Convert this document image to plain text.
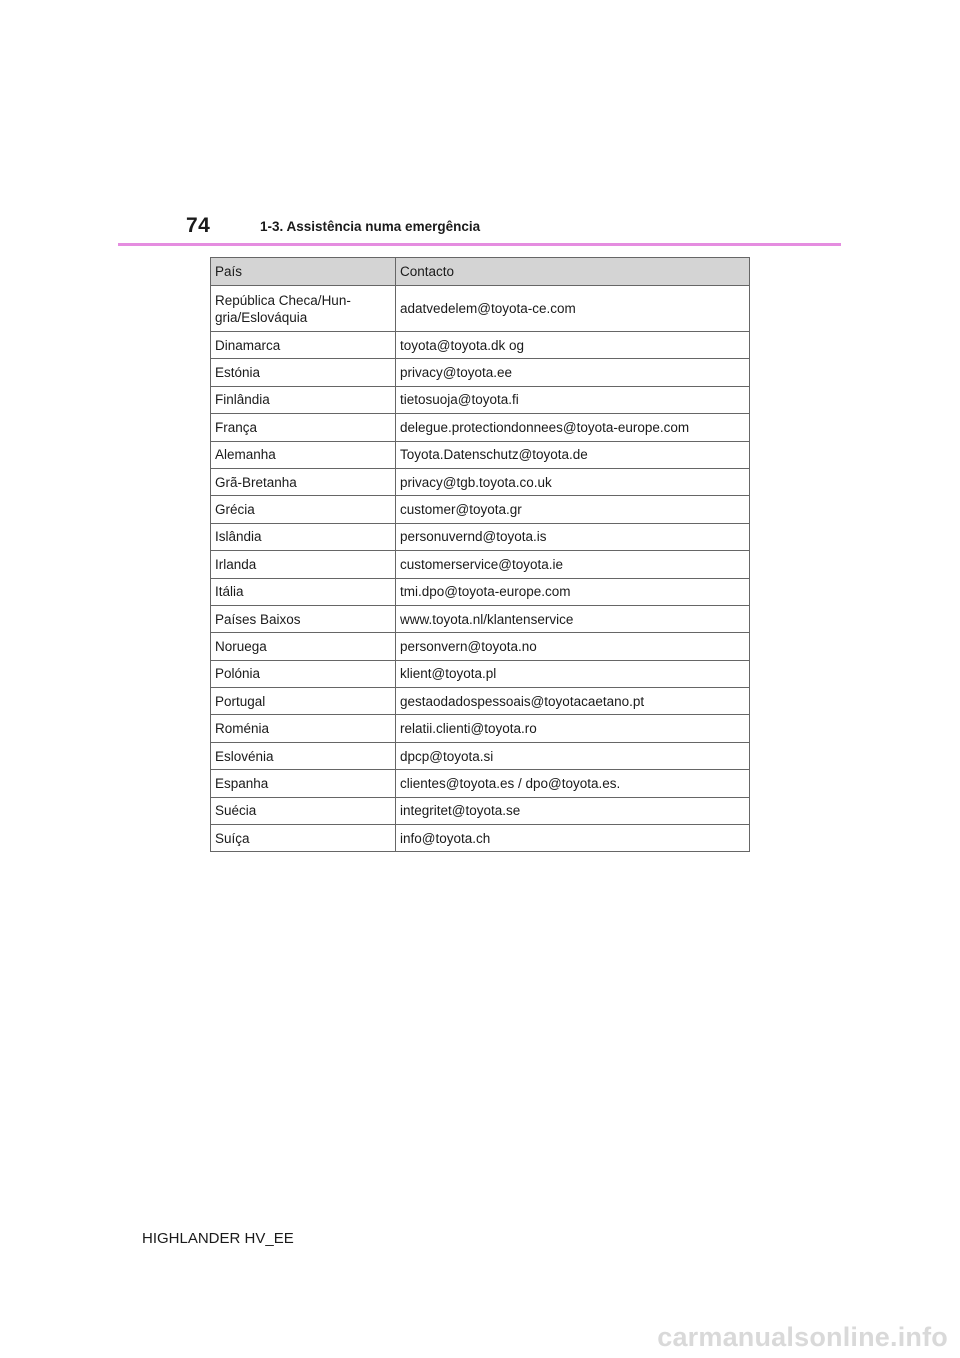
74	1-3. Assistência numa emergência
País	Contacto
República Checa/Hun-
gria/Eslováquia	adatvedelem@toyota-ce.com
Dinamarca	toyota@toyota.dk og
Estónia	privacy@toyota.ee
Finlândia	tietosuoja@toyota.fi
França	delegue.protectiondonnees@toyota-europe.com
Alemanha	Toyota.Datenschutz@toyota.de
Grã-Bretanha	privacy@tgb.toyota.co.uk
Grécia	customer@toyota.gr
Islândia	personuvernd@toyota.is
Irlanda	customerservice@toyota.ie
Itália	tmi.dpo@toyota-europe.com
Países Baixos	www.toyota.nl/klantenservice
Noruega	personvern@toyota.no
Polónia	klient@toyota.pl
Portugal	gestaodadospessoais@toyotacaetano.pt
Roménia	relatii.clienti@toyota.ro
Eslovénia	dpcp@toyota.si
Espanha	clientes@toyota.es / dpo@toyota.es.
Suécia	integritet@toyota.se
Suíça	info@toyota.ch
HIGHLANDER HV_EE
carmanualsonline.info
